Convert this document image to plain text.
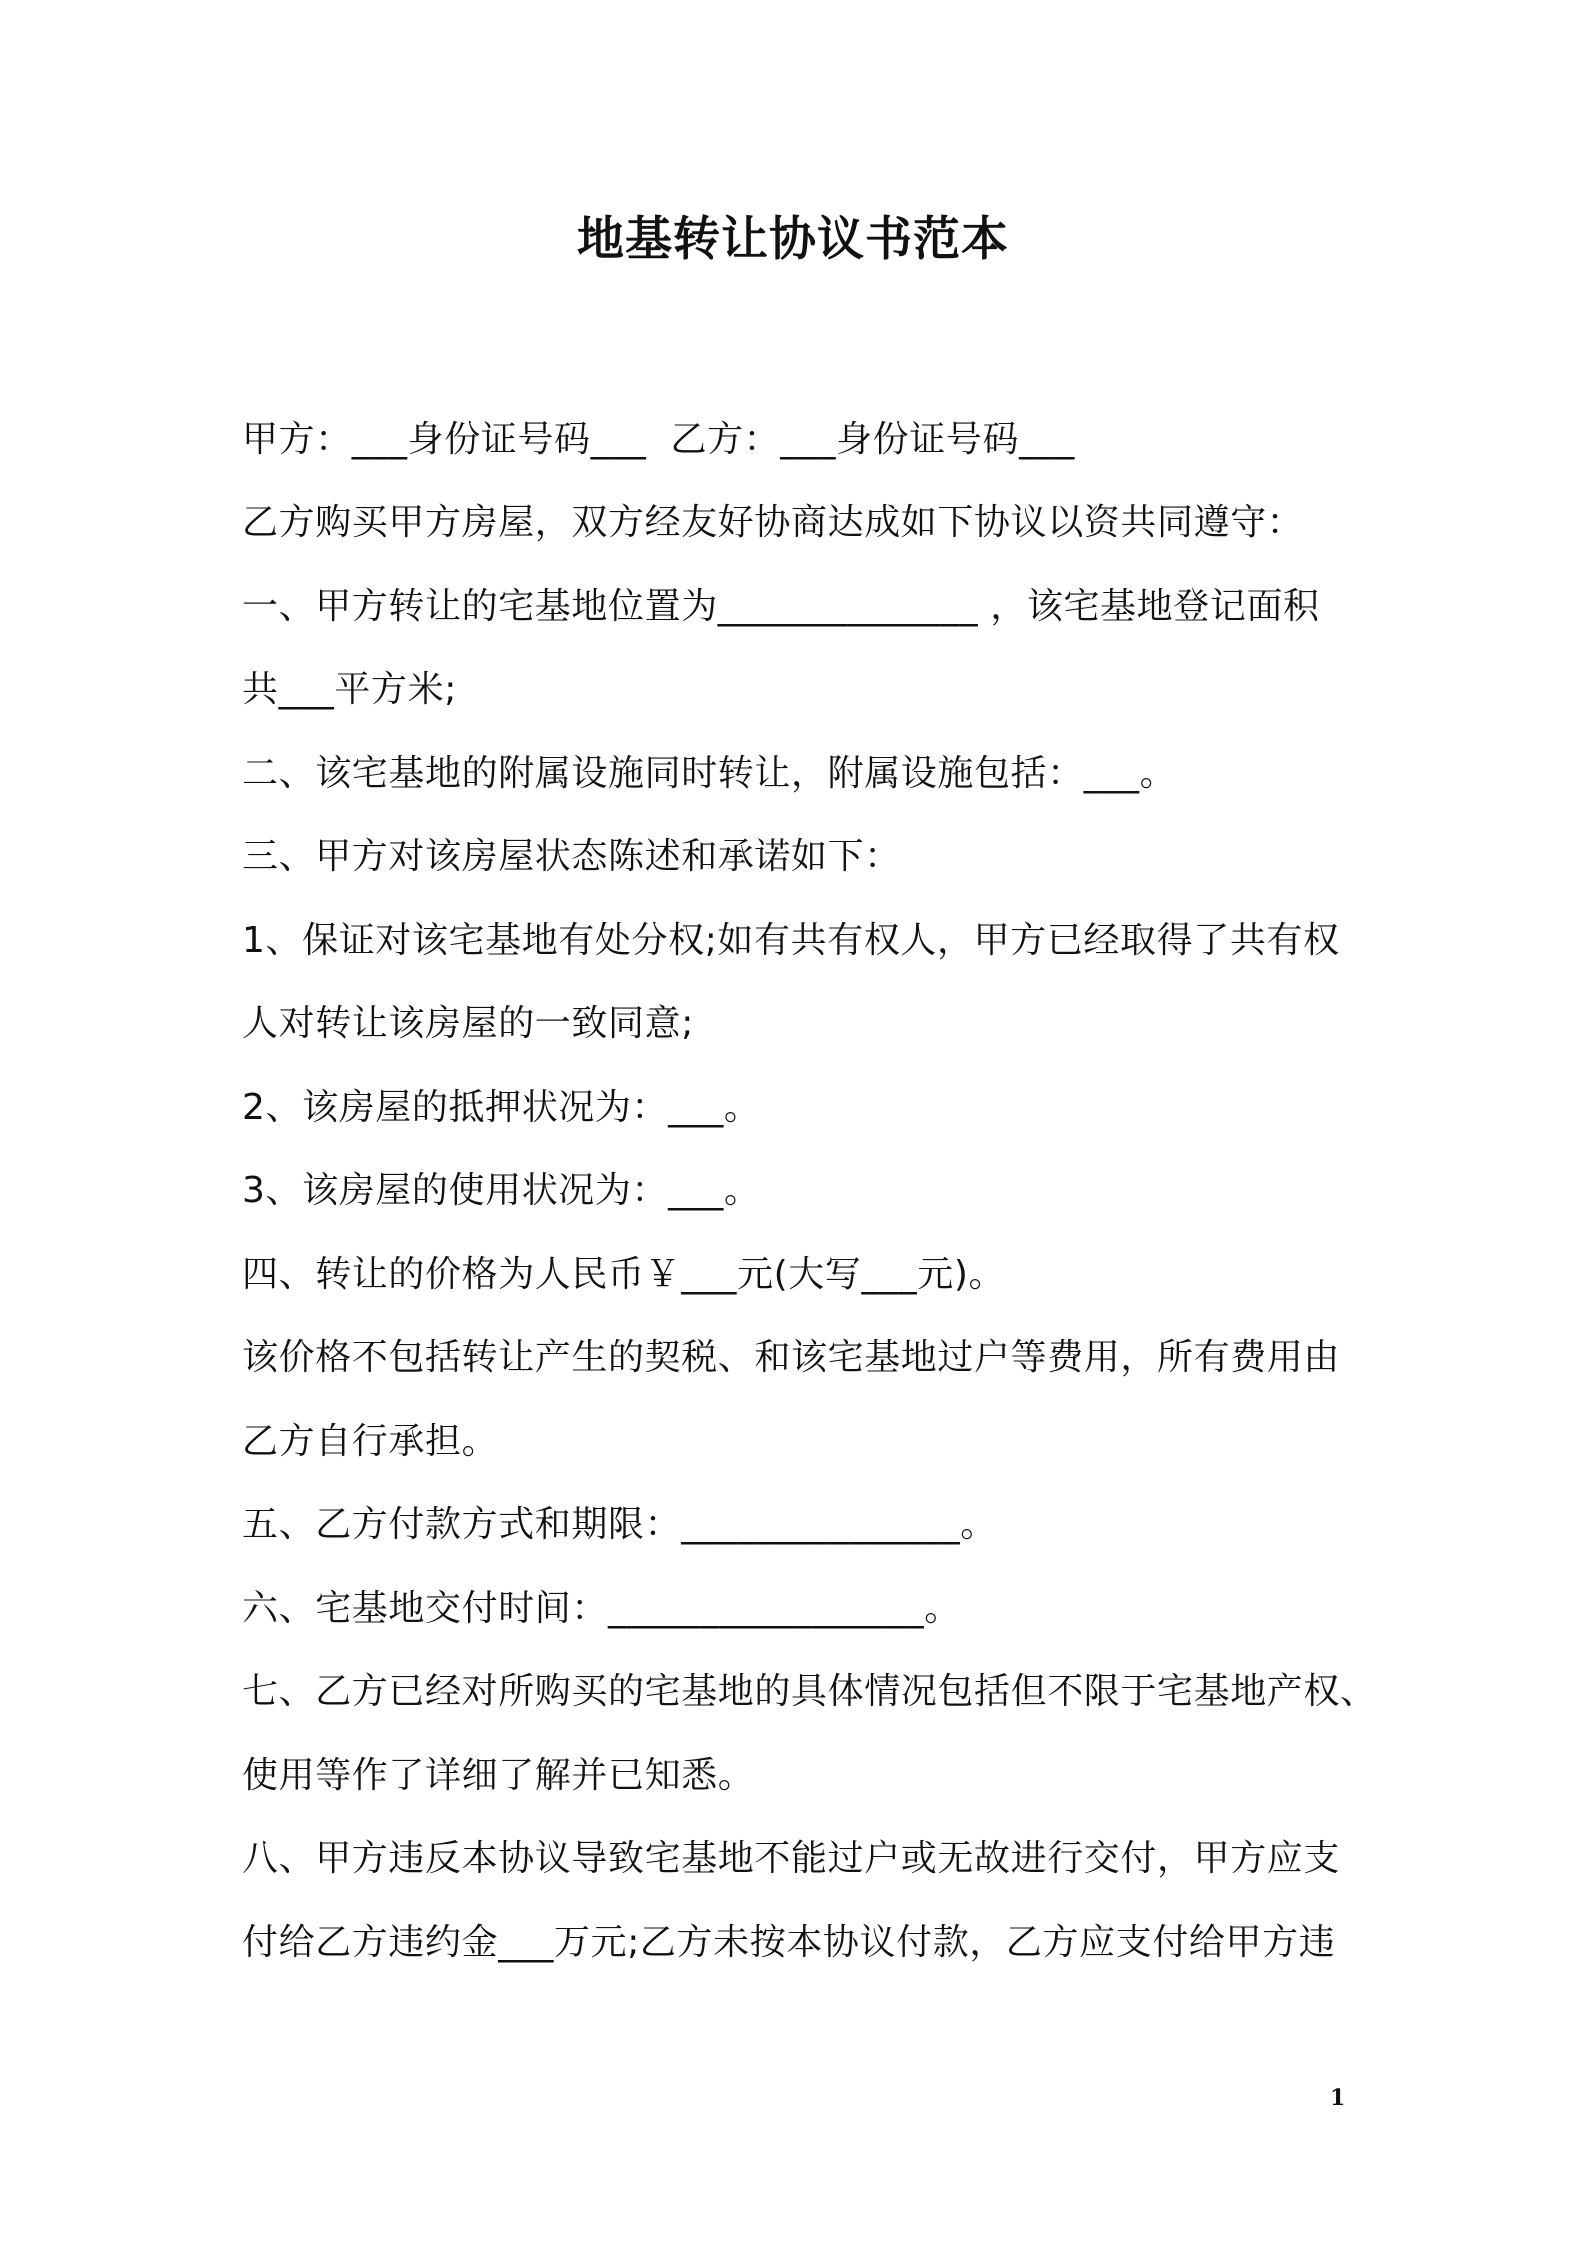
地基转让协议书范本
甲方：___身份证号码___  乙方：___身份证号码___
乙方购买甲方房屋，双方经友好协商达成如下协议以资共同遵守：
一、甲方转让的宅基地位置为______________ ，该宅基地登记面积
共___平方米;
二、该宅基地的附属设施同时转让，附属设施包括：___。
三、甲方对该房屋状态陈述和承诺如下：
1、保证对该宅基地有处分权;如有共有权人，甲方已经取得了共有权
人对转让该房屋的一致同意;
2、该房屋的抵押状况为：___。
3、该房屋的使用状况为：___。
四、转让的价格为人民币￥___元(大写___元)。
该价格不包括转让产生的契税、和该宅基地过户等费用，所有费用由
乙方自行承担。
五、乙方付款方式和期限：_______________。
六、宅基地交付时间：_________________。
七、乙方已经对所购买的宅基地的具体情况包括但不限于宅基地产权、
使用等作了详细了解并已知悉。
八、甲方违反本协议导致宅基地不能过户或无故进行交付，甲方应支
付给乙方违约金___万元;乙方未按本协议付款，乙方应支付给甲方违
1
